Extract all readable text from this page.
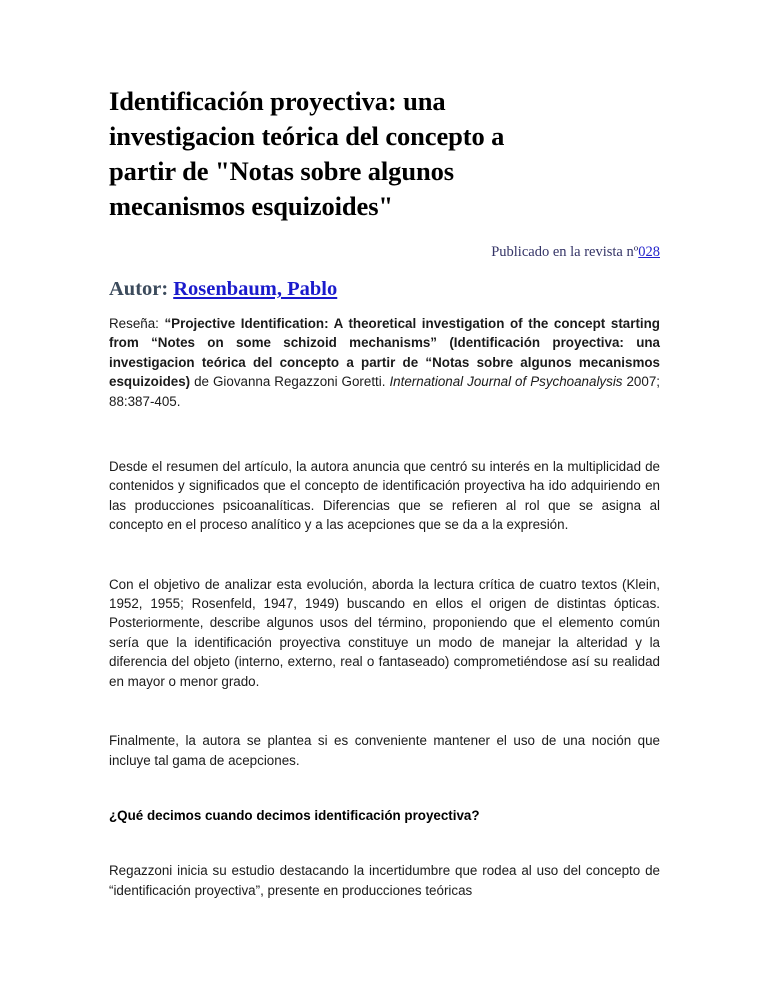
Identificación proyectiva: una investigacion teórica del concepto a partir de "Notas sobre algunos mecanismos esquizoides"
Publicado en la revista nº028
Autor: Rosenbaum, Pablo

Reseña: “Projective Identification: A theoretical investigation of the concept starting from “Notes on some schizoid mechanisms” (Identificación proyectiva: una investigacion teórica del concepto a partir de “Notas sobre algunos mecanismos esquizoides) de Giovanna Regazzoni Goretti. International Journal of Psychoanalysis 2007; 88:387-405.

Desde el resumen del artículo, la autora anuncia que centró su interés en la multiplicidad de contenidos y significados que el concepto de identificación proyectiva ha ido adquiriendo en las producciones psicoanalíticas. Diferencias que se refieren al rol que se asigna al concepto en el proceso analítico y a las acepciones que se da a la expresión.

Con el objetivo de analizar esta evolución, aborda la lectura crítica de cuatro textos (Klein, 1952, 1955; Rosenfeld, 1947, 1949) buscando en ellos el origen de distintas ópticas. Posteriormente, describe algunos usos del término, proponiendo que el elemento común sería que la identificación proyectiva constituye un modo de manejar la alteridad y la diferencia del objeto (interno, externo, real o fantaseado) comprometiéndose así su realidad en mayor o menor grado.

Finalmente, la autora se plantea si es conveniente mantener el uso de una noción que incluye tal gama de acepciones.

¿Qué decimos cuando decimos identificación proyectiva?

Regazzoni inicia su estudio destacando la incertidumbre que rodea al uso del concepto de “identificación proyectiva”, presente en producciones teóricas
